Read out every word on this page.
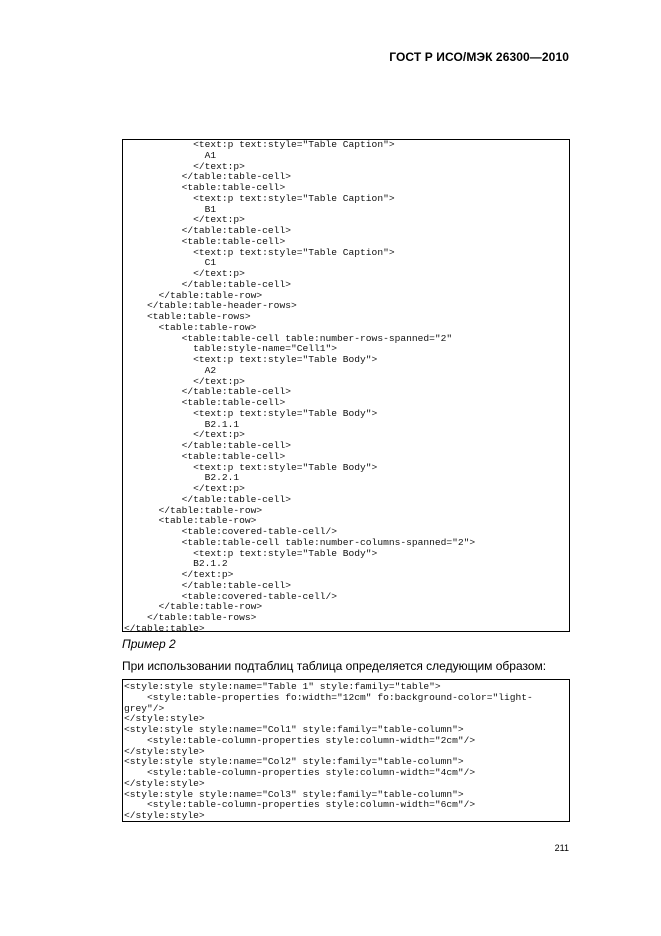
ГОСТ Р ИСО/МЭК 26300—2010
<text:p text:style="Table Caption">
A1
</text:p>
</table:table-cell>
<table:table-cell>
<text:p text:style="Table Caption">
B1
</text:p>
</table:table-cell>
<table:table-cell>
<text:p text:style="Table Caption">
C1
</text:p>
</table:table-cell>
</table:table-row>
</table:table-header-rows>
<table:table-rows>
<table:table-row>
<table:table-cell table:number-rows-spanned="2"
table:style-name="Cell1">
<text:p text:style="Table Body">
A2
</text:p>
</table:table-cell>
<table:table-cell>
<text:p text:style="Table Body">
B2.1.1
</text:p>
</table:table-cell>
<table:table-cell>
<text:p text:style="Table Body">
B2.2.1
</text:p>
</table:table-cell>
</table:table-row>
<table:table-row>
<table:covered-table-cell/>
<table:table-cell table:number-columns-spanned="2">
<text:p text:style="Table Body">
B2.1.2
</text:p>
</table:table-cell>
<table:covered-table-cell/>
</table:table-row>
</table:table-rows>
</table:table>
Пример 2
При использовании подтаблиц таблица определяется следующим образом:
<style:style style:name="Table 1" style:family="table">
<style:table-properties fo:width="12cm" fo:background-color="light-
grey"/>
</style:style>
<style:style style:name="Col1" style:family="table-column">
<style:table-column-properties style:column-width="2cm"/>
</style:style>
<style:style style:name="Col2" style:family="table-column">
<style:table-column-properties style:column-width="4cm"/>
</style:style>
<style:style style:name="Col3" style:family="table-column">
<style:table-column-properties style:column-width="6cm"/>
</style:style>
211
